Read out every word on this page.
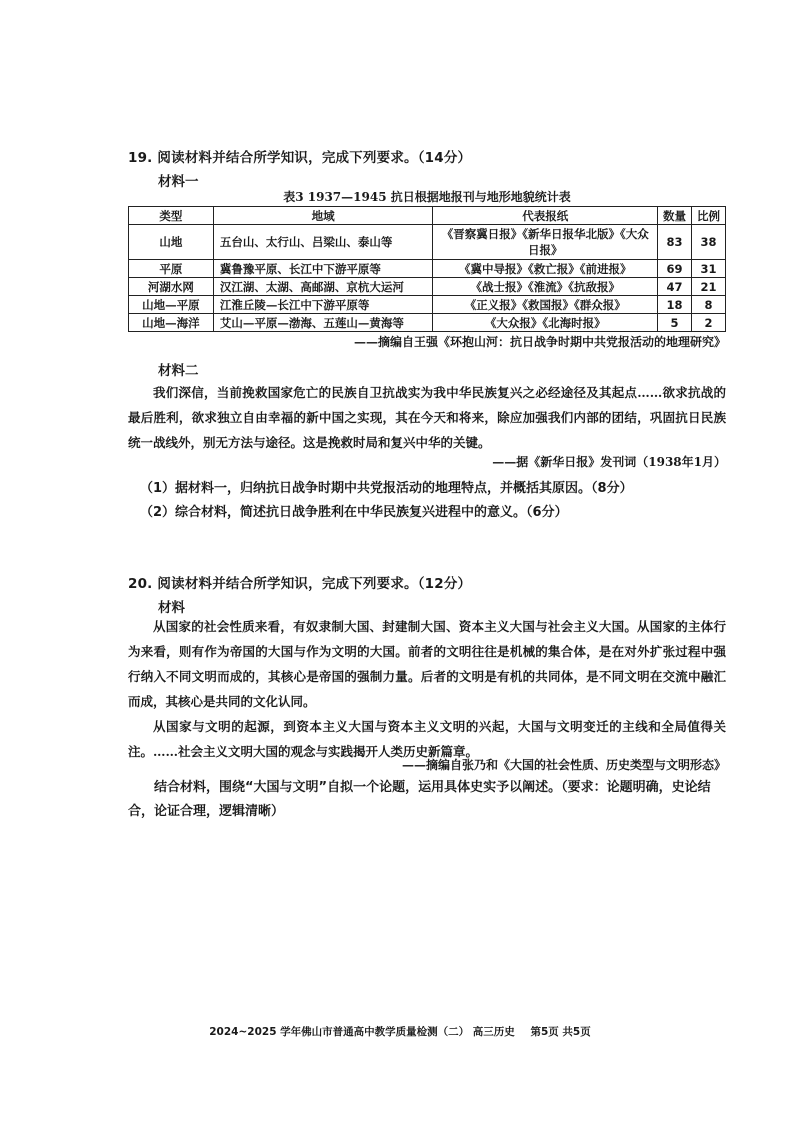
19. 阅读材料并结合所学知识，完成下列要求。（14分）
材料一
表3 1937—1945 抗日根据地报刊与地形地貌统计表
类型	地域	代表报纸	数量	比例
山地	五台山、太行山、吕梁山、泰山等	《晋察冀日报》《新华日报华北版》《大众日报》	83	38
平原	冀鲁豫平原、长江中下游平原等	《冀中导报》《救亡报》《前进报》	69	31
河湖水网	汉江湖、太湖、高邮湖、京杭大运河	《战士报》《淮流》《抗敌报》	47	21
山地—平原	江淮丘陵—长江中下游平原等	《正义报》《救国报》《群众报》	18	8
山地—海洋	艾山—平原—渤海、五莲山—黄海等	《大众报》《北海时报》	5	2
——摘编自王强《环抱山河：抗日战争时期中共党报活动的地理研究》
材料二

我们深信，当前挽救国家危亡的民族自卫抗战实为我中华民族复兴之必经途径及其起点……欲求抗战的最后胜利，欲求独立自由幸福的新中国之实现，其在今天和将来，除应加强我们内部的团结，巩固抗日民族统一战线外，别无方法与途径。这是挽救时局和复兴中华的关键。

——据《新华日报》发刊词（1938年1月）
（1）据材料一，归纳抗日战争时期中共党报活动的地理特点，并概括其原因。（8分）
（2）综合材料，简述抗日战争胜利在中华民族复兴进程中的意义。（6分）
20. 阅读材料并结合所学知识，完成下列要求。（12分）
材料

从国家的社会性质来看，有奴隶制大国、封建制大国、资本主义大国与社会主义大国。从国家的主体行为来看，则有作为帝国的大国与作为文明的大国。前者的文明往往是机械的集合体，是在对外扩张过程中强行纳入不同文明而成的，其核心是帝国的强制力量。后者的文明是有机的共同体，是不同文明在交流中融汇而成，其核心是共同的文化认同。

从国家与文明的起源，到资本主义大国与资本主义文明的兴起，大国与文明变迁的主线和全局值得关注。……社会主义文明大国的观念与实践揭开人类历史新篇章。

——摘编自张乃和《大国的社会性质、历史类型与文明形态》
结合材料，围绕“大国与文明”自拟一个论题，运用具体史实予以阐述。（要求：论题明确，史论结合，论证合理，逻辑清晰）
2024~2025 学年佛山市普通高中教学质量检测（二） 高三历史 第5页 共5页
